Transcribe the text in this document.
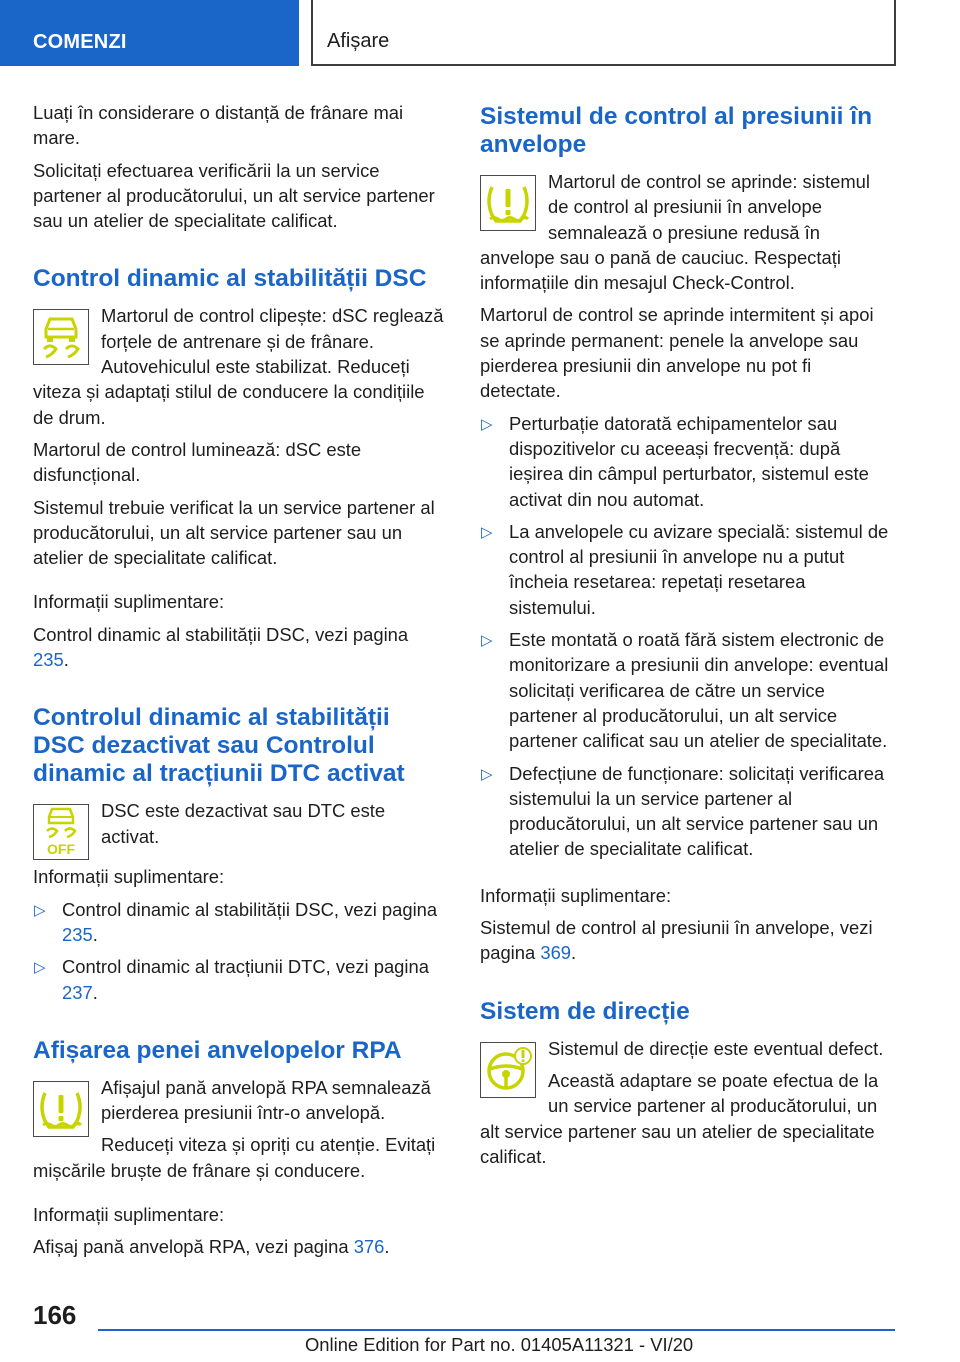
COMENZI	Afișare

Luați în considerare o distanță de frânare mai mare.

Solicitați efectuarea verificării la un service partener al producătorului, un alt service partener sau un atelier de specialitate calificat.

Control dinamic al stabilității DSC

Martorul de control clipește: dSC reglează forțele de antrenare și de frânare. Autovehiculul este stabilizat. Reduceți viteza și adaptați stilul de conducere la condițiile de drum.

Martorul de control luminează: dSC este disfuncțional.

Sistemul trebuie verificat la un service partener al producătorului, un alt service partener sau un atelier de specialitate calificat.

Informații suplimentare:

Control dinamic al stabilității DSC, vezi pagina 235.

Controlul dinamic al stabilității DSC dezactivat sau Controlul dinamic al tracțiunii DTC activat
OFF

DSC este dezactivat sau DTC este activat.

Informații suplimentare:

▷ Control dinamic al stabilității DSC, vezi pagina 235.
▷ Control dinamic al tracțiunii DTC, vezi pagina 237.
Afișarea penei anvelopelor RPA

Afișajul pană anvelopă RPA semnalează pierderea presiunii într-o anvelopă.

Reduceți viteza și opriți cu atenție. Evitați mișcările bruște de frânare și conducere.

Informații suplimentare:

Afișaj pană anvelopă RPA, vezi pagina 376.

Sistemul de control al presiunii în anvelope

Martorul de control se aprinde: sistemul de control al presiunii în anvelope semnalează o presiune redusă în anvelope sau o pană de cauciuc. Respectați informațiile din mesajul Check-Control.

Martorul de control se aprinde intermitent și apoi se aprinde permanent: penele la anvelope sau pierderea presiunii din anvelope nu pot fi detectate.

▷ Perturbație datorată echipamentelor sau dispozitivelor cu aceeași frecvență: după ieșirea din câmpul perturbator, sistemul este activat din nou automat.
▷ La anvelopele cu avizare specială: sistemul de control al presiunii în anvelope nu a putut încheia resetarea: repetați resetarea sistemului.
▷ Este montată o roată fără sistem electronic de monitorizare a presiunii din anvelope: eventual solicitați verificarea de către un service partener al producătorului, un alt service partener calificat sau un atelier de specialitate.
▷ Defecțiune de funcționare: solicitați verificarea sistemului la un service partener al producătorului, un alt service partener sau un atelier de specialitate calificat.

Informații suplimentare:

Sistemul de control al presiunii în anvelope, vezi pagina 369.

Sistem de direcție

Sistemul de direcție este eventual defect.

Această adaptare se poate efectua de la un service partener al producătorului, un alt service partener sau un atelier de specialitate calificat.

166
Online Edition for Part no. 01405A11321 - VI/20
